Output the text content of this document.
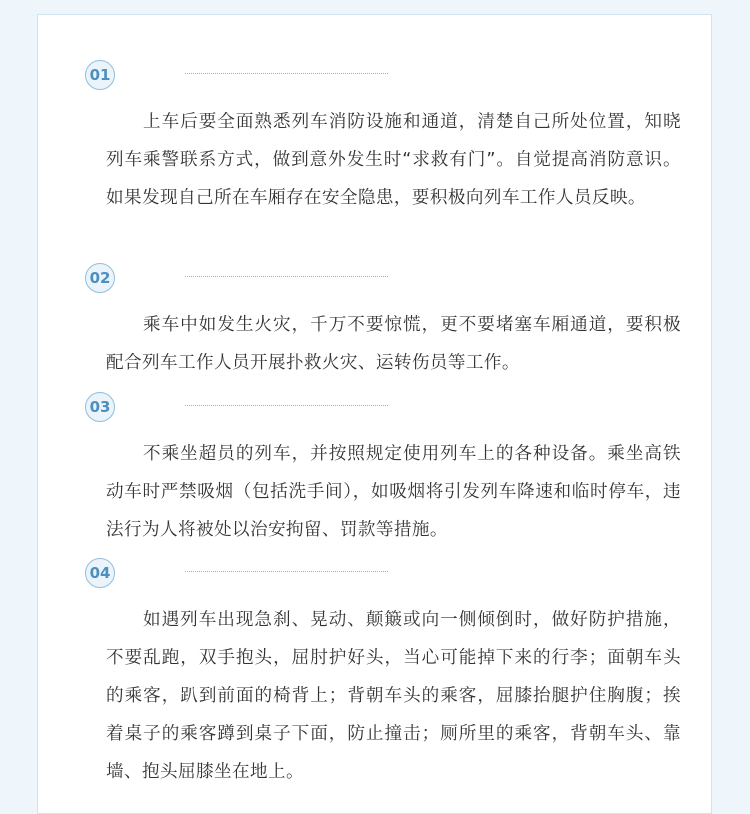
01

上车后要全面熟悉列车消防设施和通道，清楚自己所处位置，知晓列车乘警联系方式，做到意外发生时“求救有门”。自觉提高消防意识。如果发现自己所在车厢存在安全隐患，要积极向列车工作人员反映。

02

乘车中如发生火灾，千万不要惊慌，更不要堵塞车厢通道，要积极配合列车工作人员开展扑救火灾、运转伤员等工作。

03

不乘坐超员的列车，并按照规定使用列车上的各种设备。乘坐高铁动车时严禁吸烟（包括洗手间），如吸烟将引发列车降速和临时停车，违法行为人将被处以治安拘留、罚款等措施。

04

如遇列车出现急刹、晃动、颠簸或向一侧倾倒时，做好防护措施，不要乱跑，双手抱头，屈肘护好头，当心可能掉下来的行李；面朝车头的乘客，趴到前面的椅背上；背朝车头的乘客，屈膝抬腿护住胸腹；挨着桌子的乘客蹲到桌子下面，防止撞击；厕所里的乘客，背朝车头、靠墙、抱头屈膝坐在地上。
